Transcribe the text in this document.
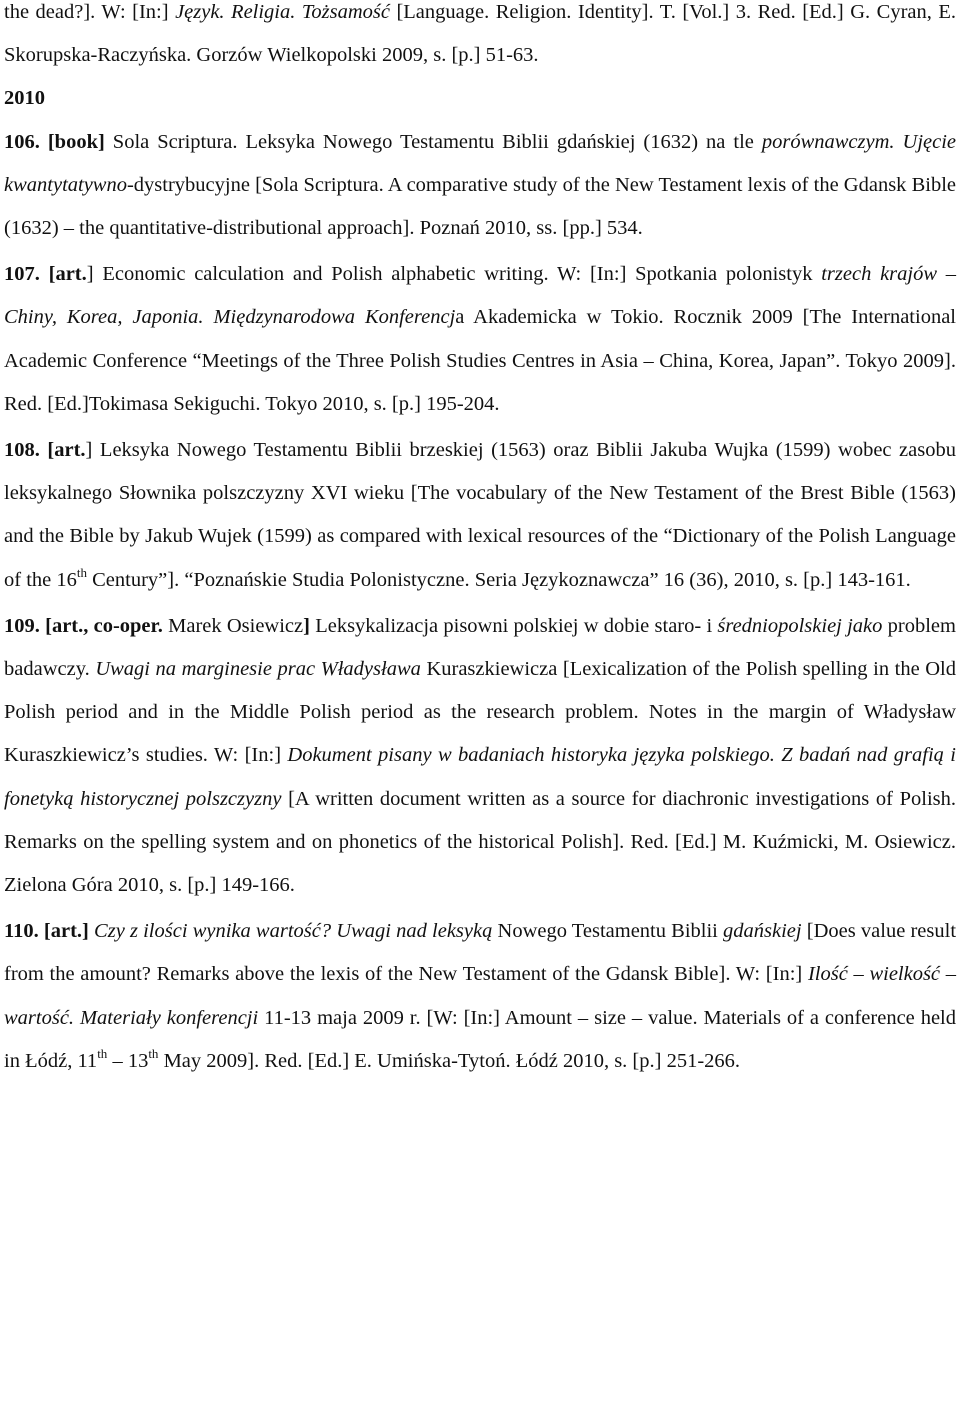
the dead?]. W: [In:] Język. Religia. Tożsamość [Language. Religion. Identity]. T. [Vol.] 3. Red. [Ed.] G. Cyran, E. Skorupska-Raczyńska. Gorzów Wielkopolski 2009, s. [p.] 51-63.

2010

106. [book] Sola Scriptura. Leksyka Nowego Testamentu Biblii gdańskiej (1632) na tle porównawczym. Ujęcie kwantytatywno-dystrybucyjne [Sola Scriptura. A comparative study of the New Testament lexis of the Gdansk Bible (1632) – the quantitative-distributional approach]. Poznań 2010, ss. [pp.] 534.

107. [art.] Economic calculation and Polish alphabetic writing. W: [In:] Spotkania polonistyk trzech krajów – Chiny, Korea, Japonia. Międzynarodowa Konferencja Akademicka w Tokio. Rocznik 2009 [The International Academic Conference “Meetings of the Three Polish Studies Centres in Asia – China, Korea, Japan”. Tokyo 2009]. Red. [Ed.]Tokimasa Sekiguchi. Tokyo 2010, s. [p.] 195-204.

108. [art.] Leksyka Nowego Testamentu Biblii brzeskiej (1563) oraz Biblii Jakuba Wujka (1599) wobec zasobu leksykalnego Słownika polszczyzny XVI wieku [The vocabulary of the New Testament of the Brest Bible (1563) and the Bible by Jakub Wujek (1599) as compared with lexical resources of the “Dictionary of the Polish Language of the 16th Century”]. “Poznańskie Studia Polonistyczne. Seria Językoznawcza” 16 (36), 2010, s. [p.] 143-161.

109. [art., co-oper. Marek Osiewicz] Leksykalizacja pisowni polskiej w dobie staro- i średniopolskiej jako problem badawczy. Uwagi na marginesie prac Władysława Kuraszkiewicza [Lexicalization of the Polish spelling in the Old Polish period and in the Middle Polish period as the research problem. Notes in the margin of Władysław Kuraszkiewicz’s studies. W: [In:] Dokument pisany w badaniach historyka języka polskiego. Z badań nad grafią i fonetyką historycznej polszczyzny [A written document written as a source for diachronic investigations of Polish. Remarks on the spelling system and on phonetics of the historical Polish]. Red. [Ed.] M. Kuźmicki, M. Osiewicz. Zielona Góra 2010, s. [p.] 149-166.

110. [art.] Czy z ilości wynika wartość? Uwagi nad leksyką Nowego Testamentu Biblii gdańskiej [Does value result from the amount? Remarks above the lexis of the New Testament of the Gdansk Bible]. W: [In:] Ilość – wielkość – wartość. Materiały konferencji 11-13 maja 2009 r. [W: [In:] Amount – size – value. Materials of a conference held in Łódź, 11th – 13th May 2009]. Red. [Ed.] E. Umińska-Tytoń. Łódź 2010, s. [p.] 251-266.
